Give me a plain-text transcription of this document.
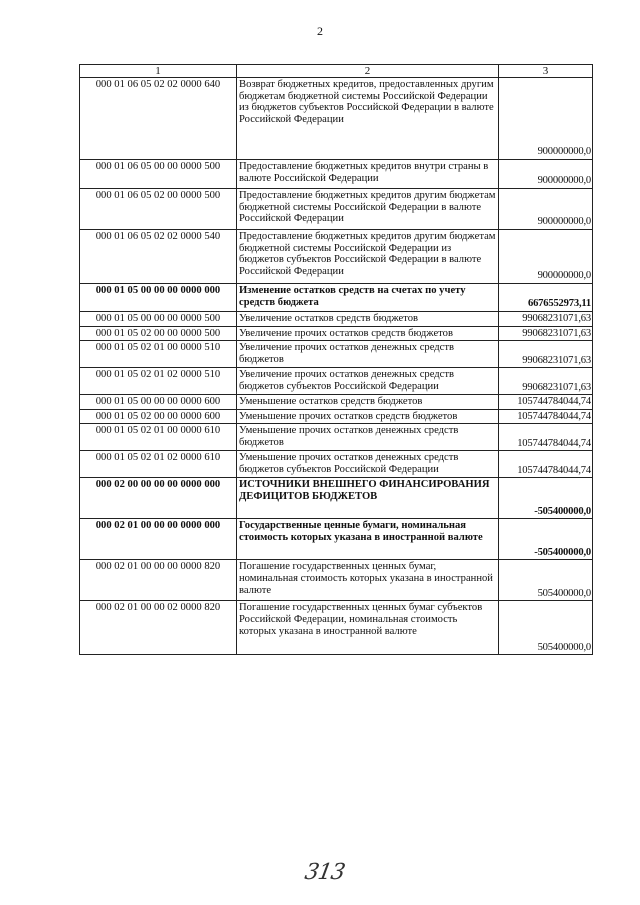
2
1	2	3
000 01 06 05 02 02 0000 640	Возврат бюджетных кредитов, предоставленных другим бюджетам бюджетной системы Российской Федерации из бюджетов субъектов Российской Федерации в валюте Российской Федерации	900000000,0
000 01 06 05 00 00 0000 500	Предоставление бюджетных кредитов внутри страны в валюте Российской Федерации	900000000,0
000 01 06 05 02 00 0000 500	Предоставление бюджетных кредитов другим бюджетам бюджетной системы Российской Федерации в валюте Российской Федерации	900000000,0
000 01 06 05 02 02 0000 540	Предоставление бюджетных кредитов другим бюджетам бюджетной системы Российской Федерации из бюджетов субъектов Российской Федерации в валюте Российской Федерации	900000000,0
000 01 05 00 00 00 0000 000	Изменение остатков средств на счетах по учету средств бюджета	6676552973,11
000 01 05 00 00 00 0000 500	Увеличение остатков средств бюджетов	99068231071,63
000 01 05 02 00 00 0000 500	Увеличение прочих остатков средств бюджетов	99068231071,63
000 01 05 02 01 00 0000 510	Увеличение прочих остатков денежных средств бюджетов	99068231071,63
000 01 05 02 01 02 0000 510	Увеличение прочих остатков денежных средств бюджетов субъектов Российской Федерации	99068231071,63
000 01 05 00 00 00 0000 600	Уменьшение остатков средств бюджетов	105744784044,74
000 01 05 02 00 00 0000 600	Уменьшение прочих остатков средств бюджетов	105744784044,74
000 01 05 02 01 00 0000 610	Уменьшение прочих остатков денежных средств бюджетов	105744784044,74
000 01 05 02 01 02 0000 610	Уменьшение прочих остатков денежных средств бюджетов субъектов Российской Федерации	105744784044,74
000 02 00 00 00 00 0000 000	ИСТОЧНИКИ ВНЕШНЕГО ФИНАНСИРОВАНИЯ ДЕФИЦИТОВ БЮДЖЕТОВ	-505400000,0
000 02 01 00 00 00 0000 000	Государственные ценные бумаги, номинальная стоимость которых указана в иностранной валюте	-505400000,0
000 02 01 00 00 00 0000 820	Погашение государственных ценных бумаг, номинальная стоимость которых указана в иностранной валюте	505400000,0
000 02 01 00 00 02 0000 820	Погашение государственных ценных бумаг субъектов Российской Федерации, номинальная стоимость которых указана в иностранной валюте	505400000,0
313
